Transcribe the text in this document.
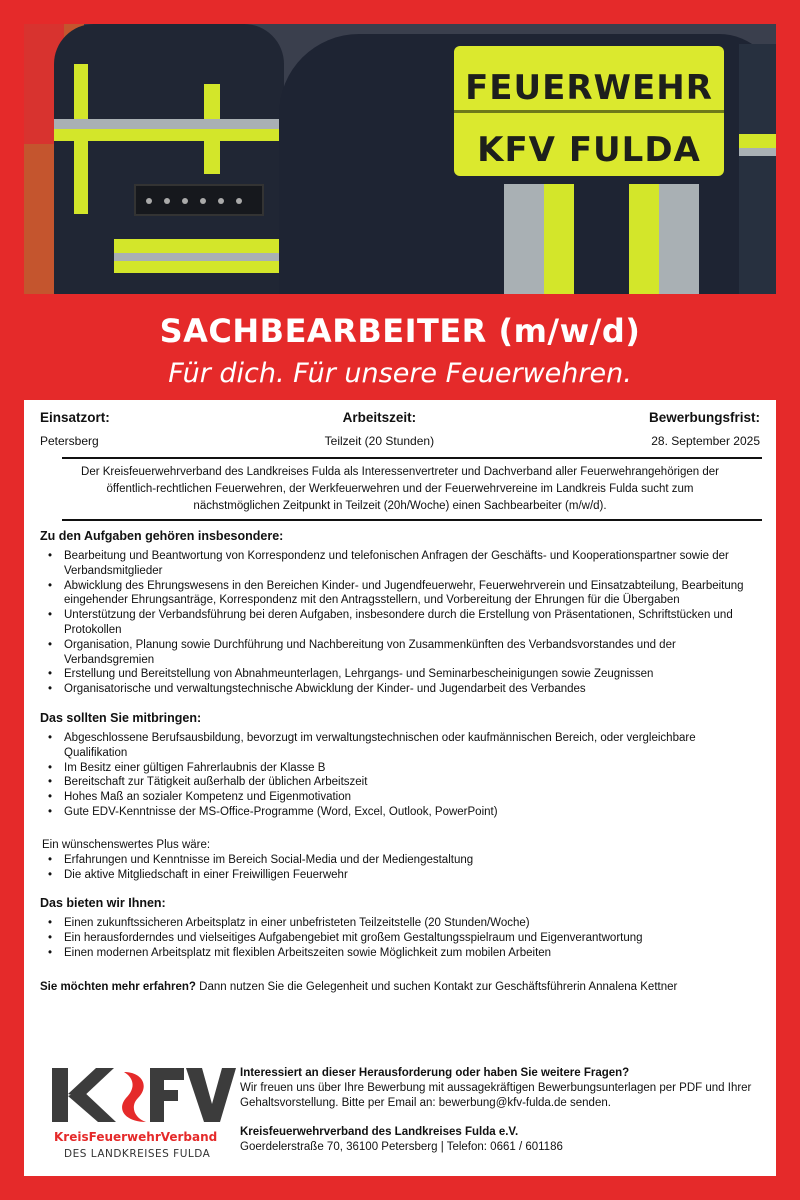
FEUERWEHR
KFV FULDA
SACHBEARBEITER (m/w/d)
Für dich. Für unsere Feuerwehren.
Einsatzort:
Petersberg
Arbeitszeit:
Teilzeit (20 Stunden)
Bewerbungsfrist:
28. September 2025

Der Kreisfeuerwehrverband des Landkreises Fulda als Interessenvertreter und Dachverband aller Feuerwehrangehörigen der öffentlich-rechtlichen Feuerwehren, der Werkfeuerwehren und der Feuerwehrvereine im Landkreis Fulda sucht zum nächstmöglichen Zeitpunkt in Teilzeit (20h/Woche) einen Sachbearbeiter (m/w/d).

Zu den Aufgaben gehören insbesondere:
• Bearbeitung und Beantwortung von Korrespondenz und telefonischen Anfragen der Geschäfts- und Kooperationspartner sowie der Verbandsmitglieder
• Abwicklung des Ehrungswesens in den Bereichen Kinder- und Jugendfeuerwehr, Feuerwehrverein und Einsatzabteilung, Bearbeitung eingehender Ehrungsanträge, Korrespondenz mit den Antragsstellern, und Vorbereitung der Ehrungen für die Übergaben
• Unterstützung der Verbandsführung bei deren Aufgaben, insbesondere durch die Erstellung von Präsentationen, Schriftstücken und Protokollen
• Organisation, Planung sowie Durchführung und Nachbereitung von Zusammenkünften des Verbandsvorstandes und der Verbandsgremien
• Erstellung und Bereitstellung von Abnahmeunterlagen, Lehrgangs- und Seminarbescheinigungen sowie Zeugnissen
• Organisatorische und verwaltungstechnische Abwicklung der Kinder- und Jugendarbeit des Verbandes
Das sollten Sie mitbringen:
• Abgeschlossene Berufsausbildung, bevorzugt im verwaltungstechnischen oder kaufmännischen Bereich, oder vergleichbare Qualifikation
• Im Besitz einer gültigen Fahrerlaubnis der Klasse B
• Bereitschaft zur Tätigkeit außerhalb der üblichen Arbeitszeit
• Hohes Maß an sozialer Kompetenz und Eigenmotivation
• Gute EDV-Kenntnisse der MS-Office-Programme (Word, Excel, Outlook, PowerPoint)
Ein wünschenswertes Plus wäre:
• Erfahrungen und Kenntnisse im Bereich Social-Media und der Mediengestaltung
• Die aktive Mitgliedschaft in einer Freiwilligen Feuerwehr
Das bieten wir Ihnen:
• Einen zukunftssicheren Arbeitsplatz in einer unbefristeten Teilzeitstelle (20 Stunden/Woche)
• Ein herausforderndes und vielseitiges Aufgabengebiet mit großem Gestaltungsspielraum und Eigenverantwortung
• Einen modernen Arbeitsplatz mit flexiblen Arbeitszeiten sowie Möglichkeit zum mobilen Arbeiten
Sie möchten mehr erfahren? Dann nutzen Sie die Gelegenheit und suchen Kontakt zur Geschäftsführerin Annalena Kettner
KreisFeuerwehrVerband
DES LANDKREISES FULDA
Interessiert an dieser Herausforderung oder haben Sie weitere Fragen?
Wir freuen uns über Ihre Bewerbung mit aussagekräftigen Bewerbungsunterlagen per PDF und Ihrer Gehaltsvorstellung. Bitte per Email an: bewerbung@kfv-fulda.de senden.
Kreisfeuerwehrverband des Landkreises Fulda e.V.
Goerdelerstraße 70, 36100 Petersberg | Telefon: 0661 / 601186
